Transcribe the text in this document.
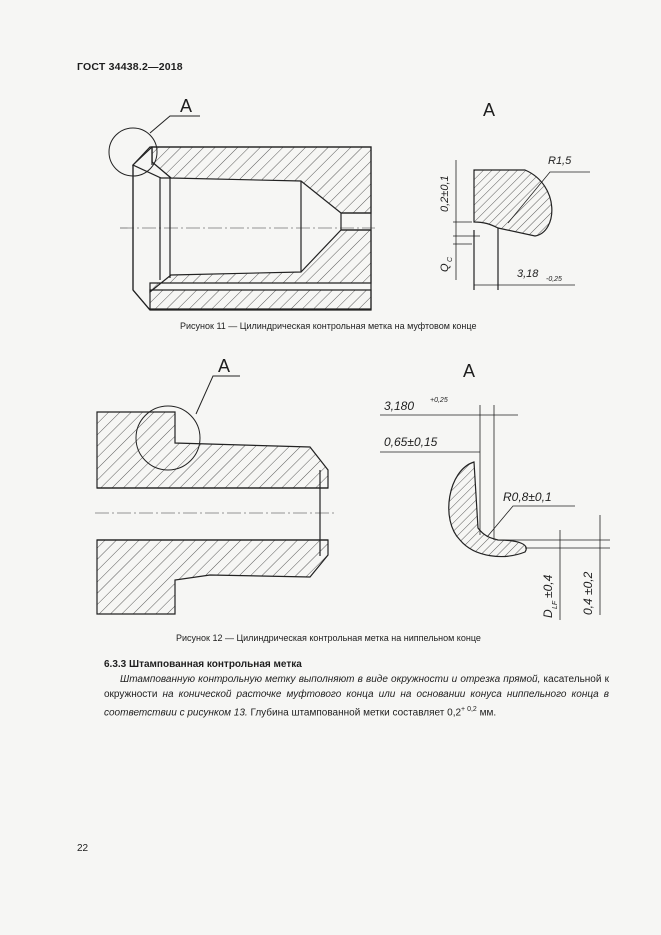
ГОСТ 34438.2—2018
A	A
0,2±0,1
R1,5
Q
C
3,18 -0,25
A	A
3,180 +0,25
0,65±0,15
R0,8±0,1
D
LF
±0,4 0,4 ±0,2
Рисунок 11 — Цилиндрическая контрольная метка на муфтовом конце
Рисунок 12 — Цилиндрическая контрольная метка на ниппельном конце
6.3.3 Штампованная контрольная метка

Штампованную контрольную метку выполняют в виде окружности и отрезка прямой, касательной к окружности на конической расточке муфтового конца или на основании конуса ниппельного конца в соответствии с рисунком 13. Глубина штампованной метки составляет $0,2^{+ 0,2}$ мм.

22
